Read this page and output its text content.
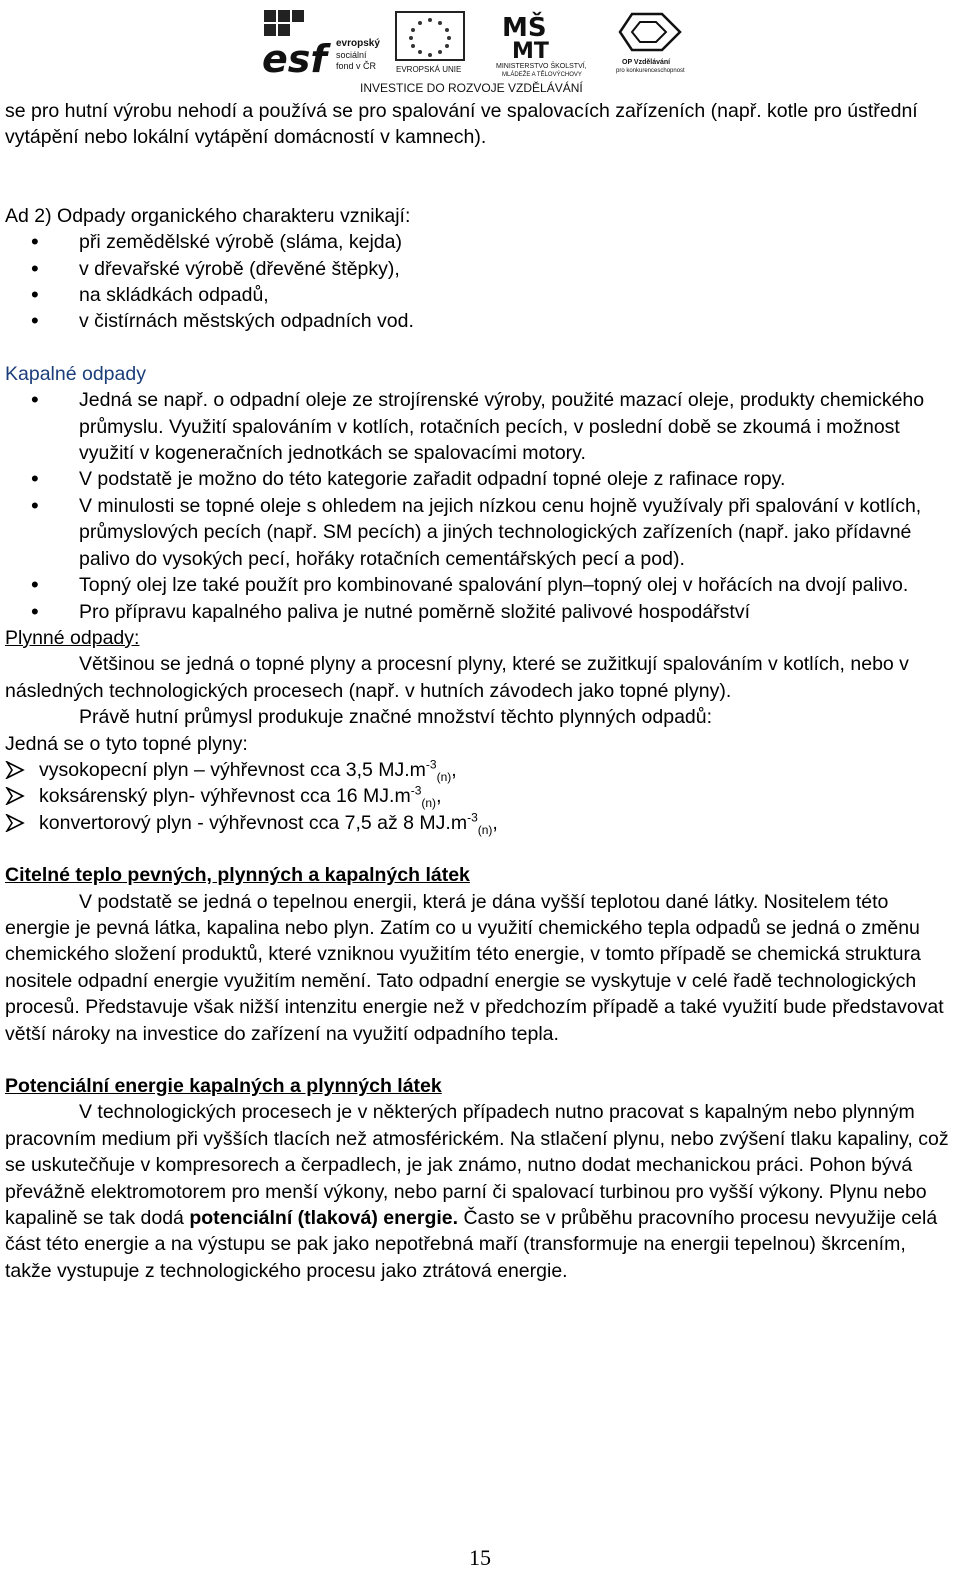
esf evropský
sociální
fond v ČR EVROPSKÁ UNIE
MŠ
MT
MINISTERSTVO ŠKOLSTVÍ,
MLÁDEŽE A TĚLOVÝCHOVY
OP Vzdělávání
pro konkurenceschopnost
INVESTICE DO ROZVOJE VZDĚLÁVÁNÍ

se pro hutní výrobu nehodí a používá se pro spalování ve spalovacích zařízeních (např. kotle pro ústřední vytápění nebo lokální vytápění domácností v kamnech).

Ad 2) Odpady organického charakteru vznikají:

• při zemědělské výrobě (sláma, kejda)
• v dřevařské výrobě (dřevěné štěpky),
• na skládkách odpadů,
• v čistírnách městských odpadních vod.

Kapalné odpady

• Jedná se např. o odpadní oleje ze strojírenské výroby, použité mazací oleje, produkty chemického průmyslu. Využití spalováním v kotlích, rotačních pecích, v poslední době se zkoumá i možnost využití v kogeneračních jednotkách se spalovacími motory.
• V podstatě je možno do této kategorie zařadit odpadní topné oleje z rafinace ropy.
• V minulosti se topné oleje s ohledem na jejich nízkou cenu hojně využívaly při spalování v kotlích, průmyslových pecích (např. SM pecích) a jiných technologických zařízeních (např. jako přídavné palivo do vysokých pecí, hořáky rotačních cementářských pecí a pod).
• Topný olej lze také použít pro kombinované spalování plyn–topný olej v hořácích na dvojí palivo.
• Pro přípravu kapalného paliva je nutné poměrně složité palivové hospodářství

Plynné odpady:

Většinou se jedná o topné plyny a procesní plyny, které se zužitkují spalováním v kotlích, nebo v následných technologických procesech (např. v hutních závodech jako topné plyny).

Právě hutní průmysl produkuje značné množství těchto plynných odpadů:

Jedná se o tyto topné plyny:

vysokopecní plyn – výhřevnost cca 3,5 $MJ.m^{-3}_{(n)}$,
koksárenský plyn- výhřevnost cca 16 $MJ.m^{-3}_{(n)}$,
konvertorový plyn - výhřevnost cca 7,5 až 8 $MJ.m^{-3}_{(n)}$,

Citelné teplo pevných, plynných a kapalných látek

V podstatě se jedná o tepelnou energii, která je dána vyšší teplotou dané látky. Nositelem této energie je pevná látka, kapalina nebo plyn. Zatím co u využití chemického tepla odpadů se jedná o změnu chemického složení produktů, které vzniknou využitím této energie, v tomto případě se chemická struktura nositele odpadní energie využitím nemění. Tato odpadní energie se vyskytuje v celé řadě technologických procesů. Představuje však nižší intenzitu energie než v předchozím případě a také využití bude představovat větší nároky na investice do zařízení na využití odpadního tepla.

Potenciální energie kapalných a plynných látek

V technologických procesech je v některých případech nutno pracovat s kapalným nebo plynným pracovním medium při vyšších tlacích než atmosférickém. Na stlačení plynu, nebo zvýšení tlaku kapaliny, což se uskutečňuje v kompresorech a čerpadlech, je jak známo, nutno dodat mechanickou práci. Pohon bývá převážně elektromotorem pro menší výkony, nebo parní či spalovací turbinou pro vyšší výkony. Plynu nebo kapalině se tak dodá potenciální (tlaková) energie. Často se v průběhu pracovního procesu nevyužije celá část této energie a na výstupu se pak jako nepotřebná maří (transformuje na energii tepelnou) škrcením, takže vystupuje z technologického procesu jako ztrátová energie.

15
